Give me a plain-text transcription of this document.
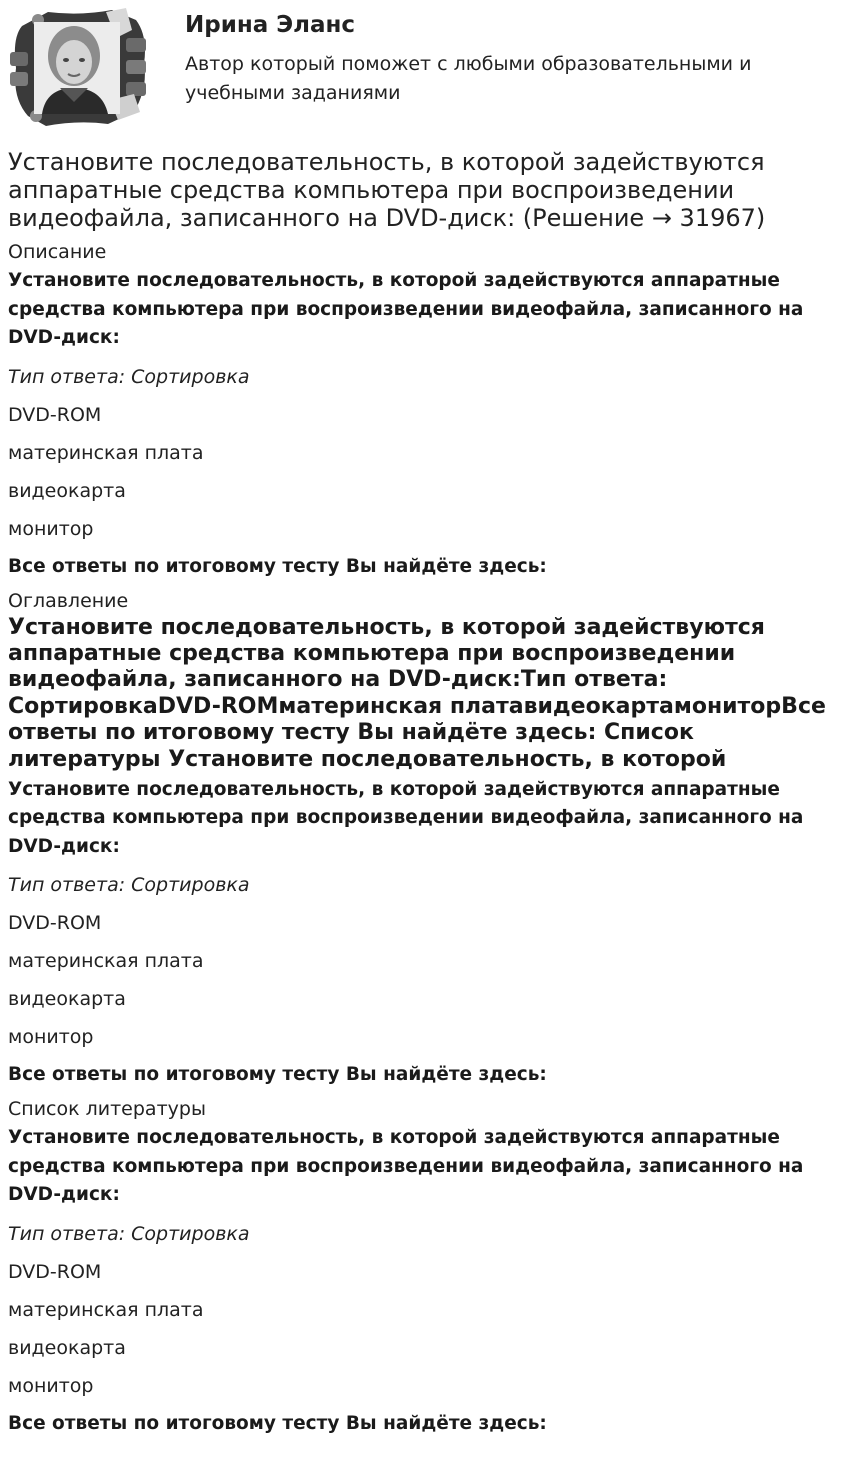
Ирина Эланс

Автор который поможет с любыми образовательными и учебными заданиями

Установите последовательность, в которой задействуются аппаратные средства компьютера при воспроизведении видеофайла, записанного на DVD-диск: (Решение → 31967)

Описание

Установите последовательность, в которой задействуются аппаратные средства компьютера при воспроизведении видеофайла, записанного на DVD-диск:

Тип ответа: Сортировка

DVD-ROM

материнская плата

видеокарта

монитор

Все ответы по итоговому тесту Вы найдёте здесь:

Оглавление

Установите последовательность, в которой задействуются аппаратные средства компьютера при воспроизведении видеофайла, записанного на DVD-диск:Тип ответа: СортировкаDVD-ROMматеринская платавидеокартамониторВсе ответы по итоговому тесту Вы найдёте здесь: Список литературы Установите последовательность, в которой

Установите последовательность, в которой задействуются аппаратные средства компьютера при воспроизведении видеофайла, записанного на DVD-диск:

Тип ответа: Сортировка

DVD-ROM

материнская плата

видеокарта

монитор

Все ответы по итоговому тесту Вы найдёте здесь:

Список литературы

Установите последовательность, в которой задействуются аппаратные средства компьютера при воспроизведении видеофайла, записанного на DVD-диск:

Тип ответа: Сортировка

DVD-ROM

материнская плата

видеокарта

монитор

Все ответы по итоговому тесту Вы найдёте здесь:
